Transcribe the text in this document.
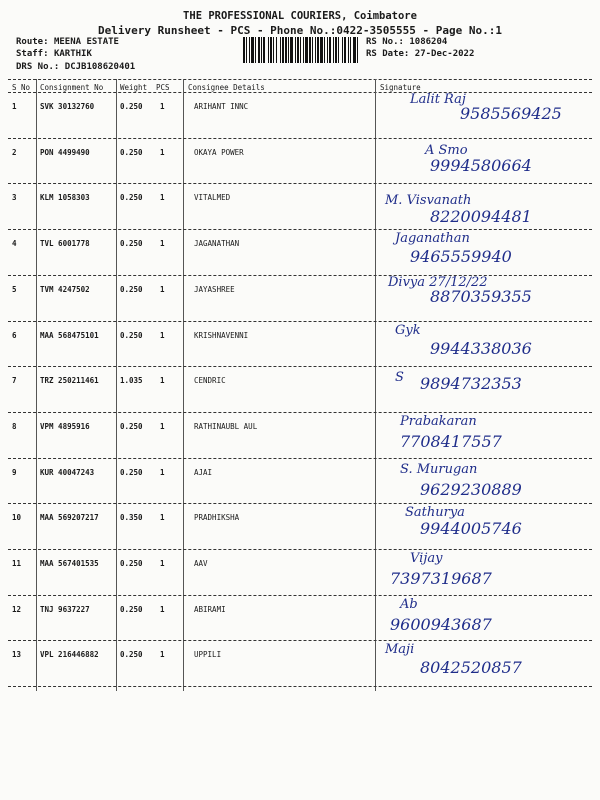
THE PROFESSIONAL COURIERS, Coimbatore
Delivery Runsheet - PCS - Phone No.:0422-3505555 - Page No.:1
Route: MEENA ESTATE
Staff: KARTHIK
DRS No.: DCJB108620401
RS No.: 1086204
RS Date: 27-Dec-2022
S No Consignment No Weight PCS Consignee Details	Signature
1	SVK 30132760	0.250 1	ARIHANT INNC	Lalit Raj
9585569425
2	PON 4499490	0.250 1	OKAYA POWER	A Smo
9994580664
3	KLM 1058303	0.250 1	VITALMED	M. Visvanath
8220094481
4	TVL 6001778	0.250 1	JAGANATHAN	Jaganathan
9465559940
5	TVM 4247502	0.250 1	JAYASHREE	Divya 27/12/22
8870359355
6	MAA 568475101	0.250 1	KRISHNAVENNI	Gyk
9944338036
7	TRZ 250211461	1.035 1	CENDRIC	S 9894732353
8	VPM 4895916	0.250 1	RATHINAUBL AUL	Prabakaran
7708417557
9	KUR 40047243	0.250 1	AJAI	S. Murugan
9629230889
10	MAA 569207217	0.350 1	PRADHIKSHA	Sathurya
9944005746
11	MAA 567401535	0.250 1	AAV	Vijay
7397319687
12	TNJ 9637227	0.250 1	ABIRAMI	Ab
9600943687
13	VPL 216446882	0.250 1	UPPILI	Maji
8042520857
